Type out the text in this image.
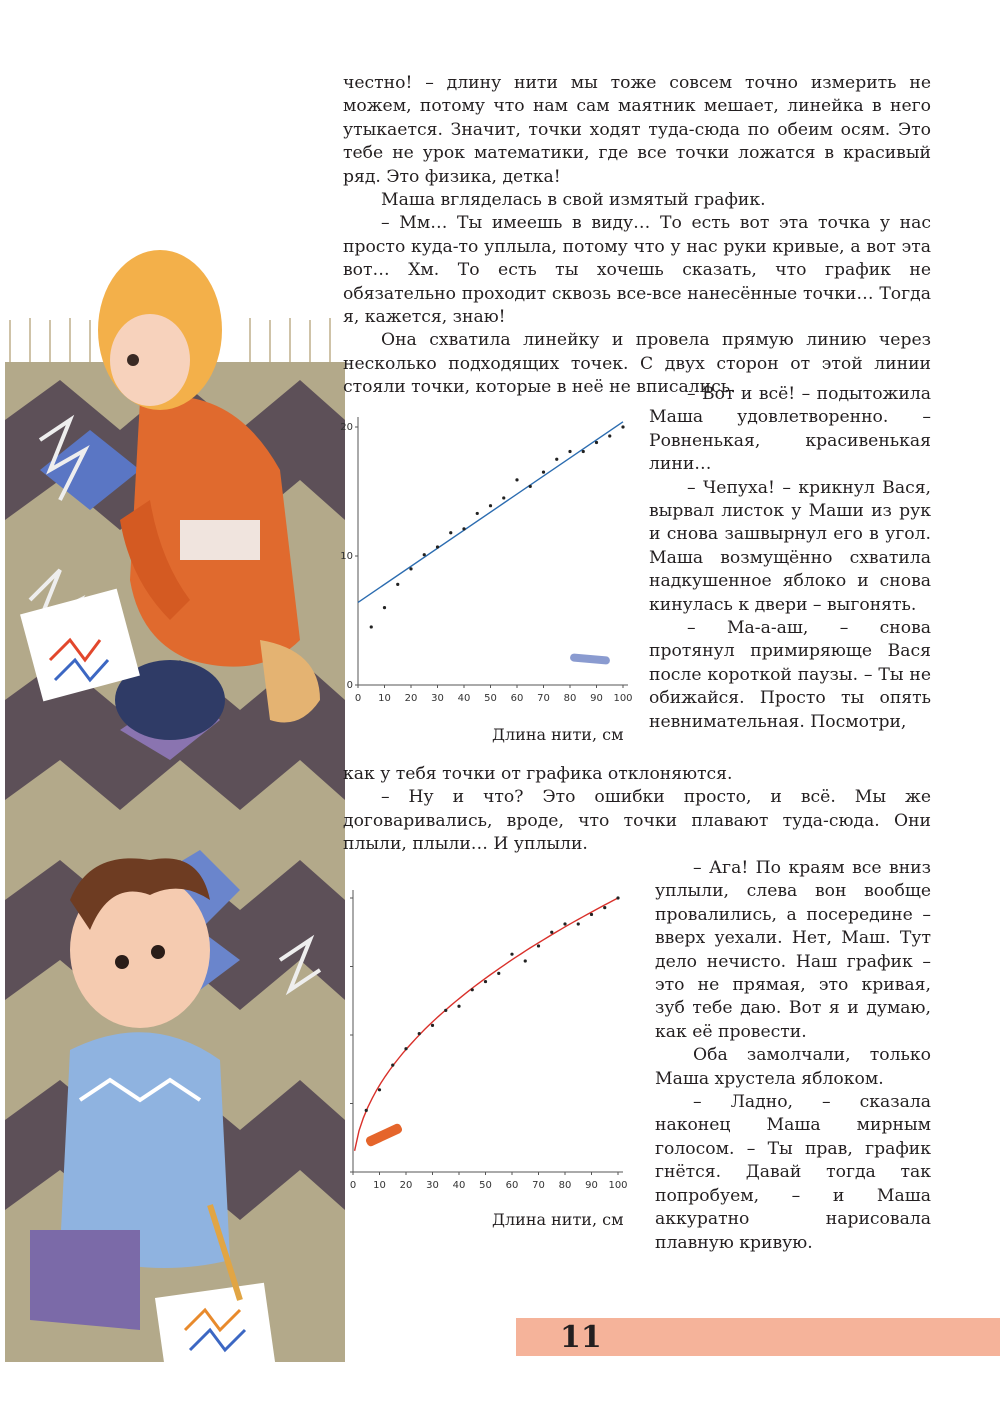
честно! – длину нити мы тоже совсем точно измерить не можем, потому что нам сам маятник мешает, линейка в него утыкается. Значит, точки ходят туда-сюда по обеим осям. Это тебе не урок математики, где все точки ложатся в красивый ряд. Это физика, детка!

Маша вгляделась в свой измятый график.

– Мм… Ты имеешь в виду… То есть вот эта точка у нас просто куда-то уплыла, потому что у нас руки кривые, а вот эта вот… Хм. То есть ты хочешь сказать, что график не обязательно проходит сквозь все-все нанесённые точки… Тогда я, кажется, знаю!

Она схватила линейку и провела прямую линию через несколько подходящих точек. С двух сторон от этой линии стояли точки, которые в неё не вписались.

– Вот и всё! – подытожила Маша удовлетворенно. – Ровненькая, красивенькая лини…

– Чепуха! – крикнул Вася, вырвал листок у Маши из рук и снова зашвырнул его в угол. Маша возмущённо схватила надкушенное яблоко и снова кинулась к двери – выгонять.

– Ма-а-аш, – снова протянул примиряюще Вася после короткой паузы. – Ты не обижайся. Просто ты опять невнимательная. Посмотри,

0 10 20 30 40 50 60 70 80 90 100
0
10
20
Длина нити, см

как у тебя точки от графика отклоняются.

– Ну и что? Это ошибки просто, и всё. Мы же договаривались, вроде, что точки плавают туда-сюда. Они плыли, плыли… И уплыли.

– Ага! По краям все вниз уплыли, слева вон вообще провалились, а посередине – вверх уехали. Нет, Маш. Тут дело нечисто. Наш график – это не прямая, это кривая, зуб тебе даю. Вот я и думаю, как её провести.

Оба замолчали, только Маша хрустела яблоком.

– Ладно, – сказала наконец Маша мирным голосом. – Ты прав, график гнётся. Давай тогда так попробуем, – и Маша аккуратно нарисовала плавную кривую.

0 10 20 30 40 50 60 70 80 90 100
Длина нити, см
11
